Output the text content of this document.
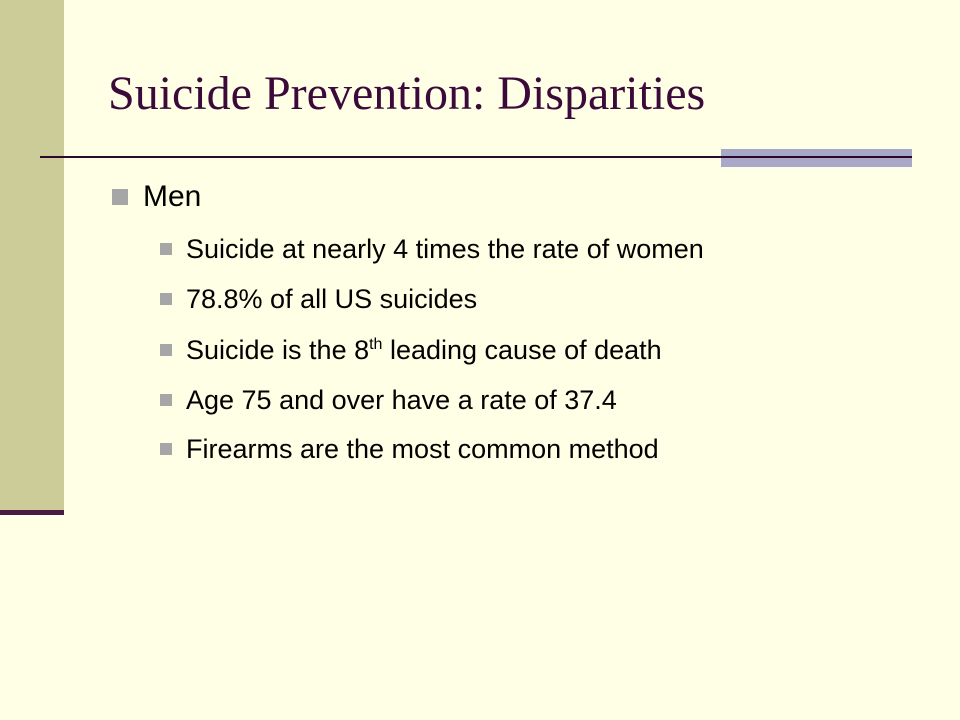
Suicide Prevention: Disparities
Men
Suicide at nearly 4 times the rate of women
78.8% of all US suicides
Suicide is the 8th leading cause of death
Age 75 and over have a rate of 37.4
Firearms are the most common method
